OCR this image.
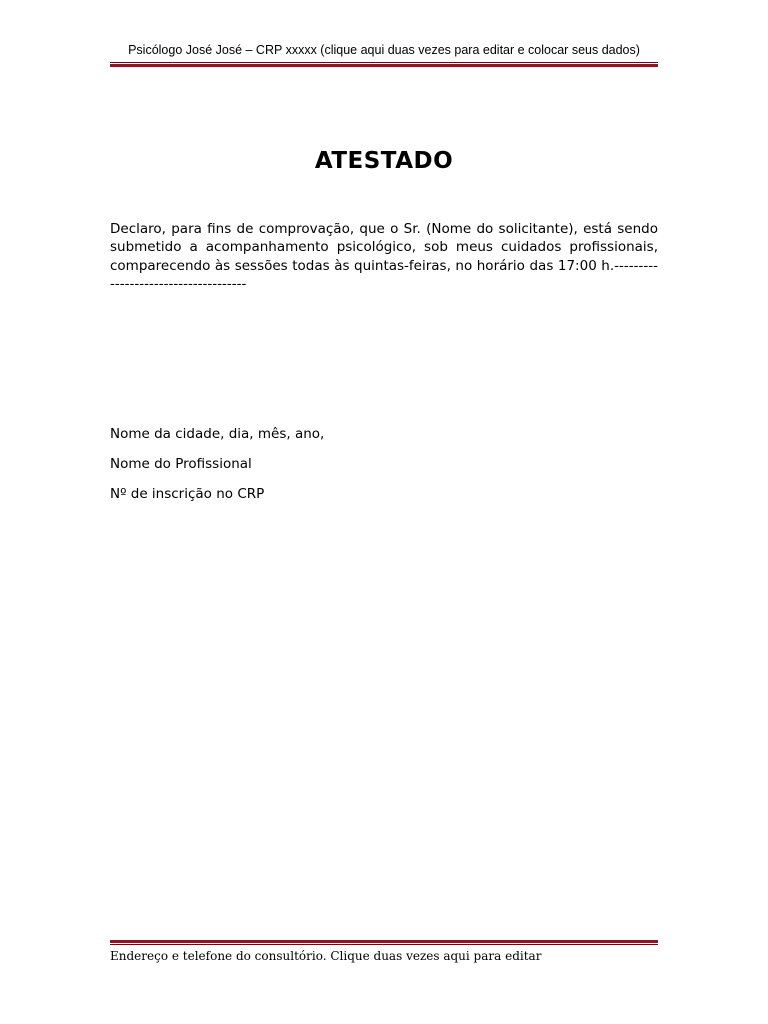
Psicólogo José José – CRP xxxxx (clique aqui duas vezes para editar e colocar seus dados)
ATESTADO

Declaro, para fins de comprovação, que o Sr. (Nome do solicitante), está sendo submetido a acompanhamento psicológico, sob meus cuidados profissionais, comparecendo às sessões todas às quintas-feiras, no horário das 17:00 h.-------------------------------------

Nome da cidade, dia, mês, ano,
Nome do Profissional
Nº de inscrição no CRP
Endereço e telefone do consultório. Clique duas vezes aqui para editar
